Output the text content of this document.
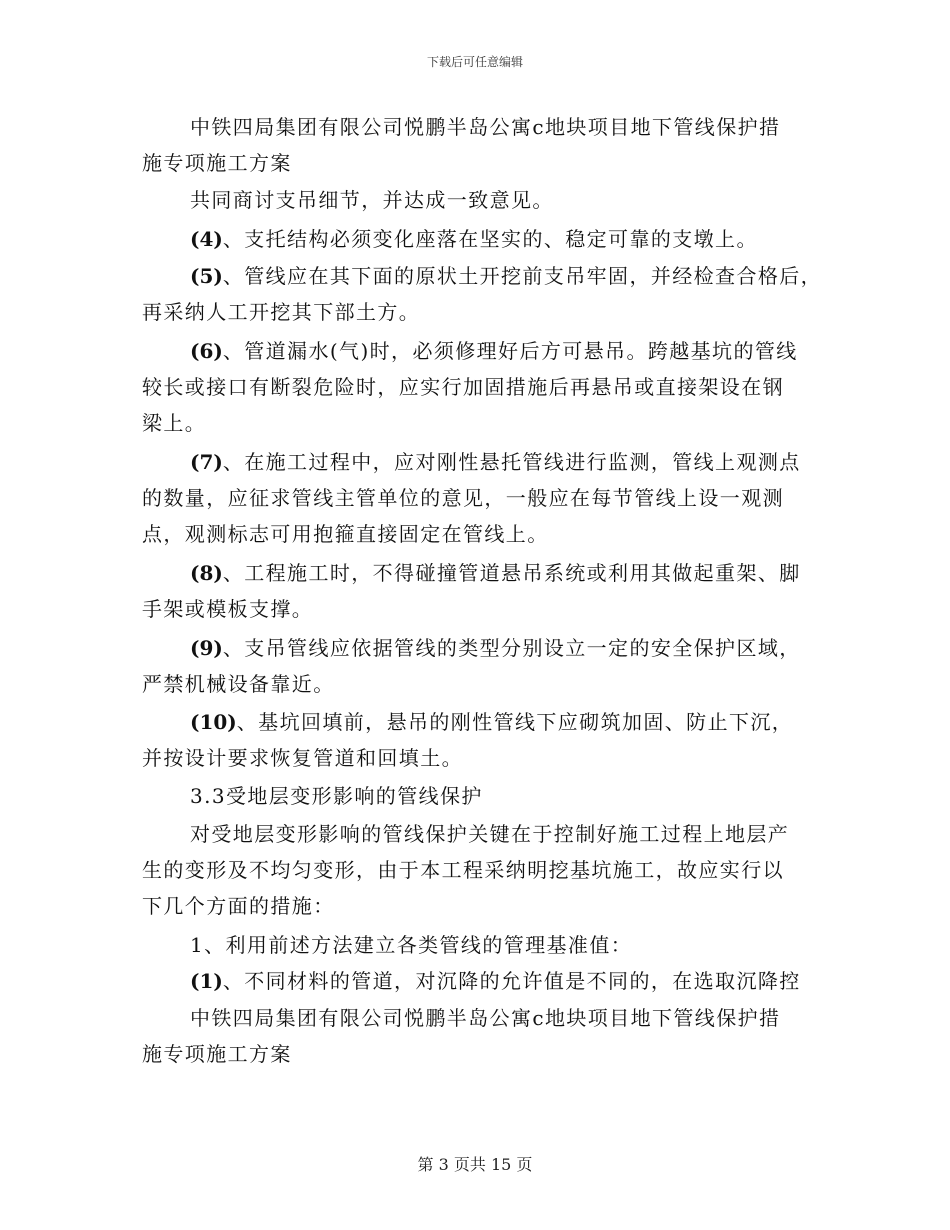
下载后可任意编辑
中铁四局集团有限公司悦鹏半岛公寓c地块项目地下管线保护措
施专项施工方案
共同商讨支吊细节，并达成一致意见。
(4)、支托结构必须变化座落在坚实的、稳定可靠的支墩上。
(5)、管线应在其下面的原状土开挖前支吊牢固，并经检查合格后，
再采纳人工开挖其下部土方。
(6)、管道漏水(气)时，必须修理好后方可悬吊。跨越基坑的管线
较长或接口有断裂危险时，应实行加固措施后再悬吊或直接架设在钢
梁上。
(7)、在施工过程中，应对刚性悬托管线进行监测，管线上观测点
的数量，应征求管线主管单位的意见，一般应在每节管线上设一观测
点，观测标志可用抱箍直接固定在管线上。
(8)、工程施工时，不得碰撞管道悬吊系统或利用其做起重架、脚
手架或模板支撑。
(9)、支吊管线应依据管线的类型分别设立一定的安全保护区域，
严禁机械设备靠近。
(10)、基坑回填前，悬吊的刚性管线下应砌筑加固、防止下沉，
并按设计要求恢复管道和回填土。
3.3受地层变形影响的管线保护
对受地层变形影响的管线保护关键在于控制好施工过程上地层产
生的变形及不均匀变形，由于本工程采纳明挖基坑施工，故应实行以
下几个方面的措施：
1、利用前述方法建立各类管线的管理基准值：
(1)、不同材料的管道，对沉降的允许值是不同的，在选取沉降控
中铁四局集团有限公司悦鹏半岛公寓c地块项目地下管线保护措
施专项施工方案
第 3 页共 15 页
